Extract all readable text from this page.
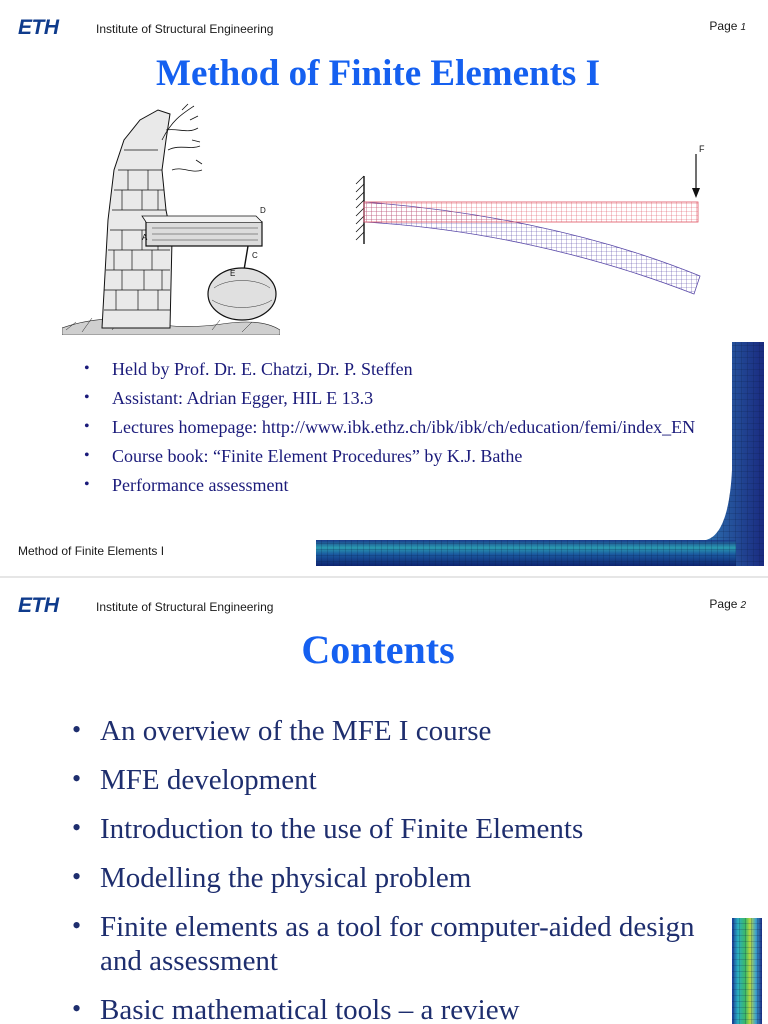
ETH	Institute of Structural Engineering	Page 1
Method of Finite Elements I
D
A
C
E
F
• Held by Prof. Dr. E. Chatzi, Dr. P. Steffen
• Assistant: Adrian Egger, HIL E 13.3
• Lectures homepage: http://www.ibk.ethz.ch/ibk/ibk/ch/education/femi/index_EN
• Course book: “Finite Element Procedures” by K.J. Bathe
• Performance assessment
Method of Finite Elements I
ETH	Institute of Structural Engineering	Page 2
Contents
• An overview of the MFE I course
• MFE development
• Introduction to the use of Finite Elements
• Modelling the physical problem
• Finite elements as a tool for computer-aided design and assessment
• Basic mathematical tools – a review
